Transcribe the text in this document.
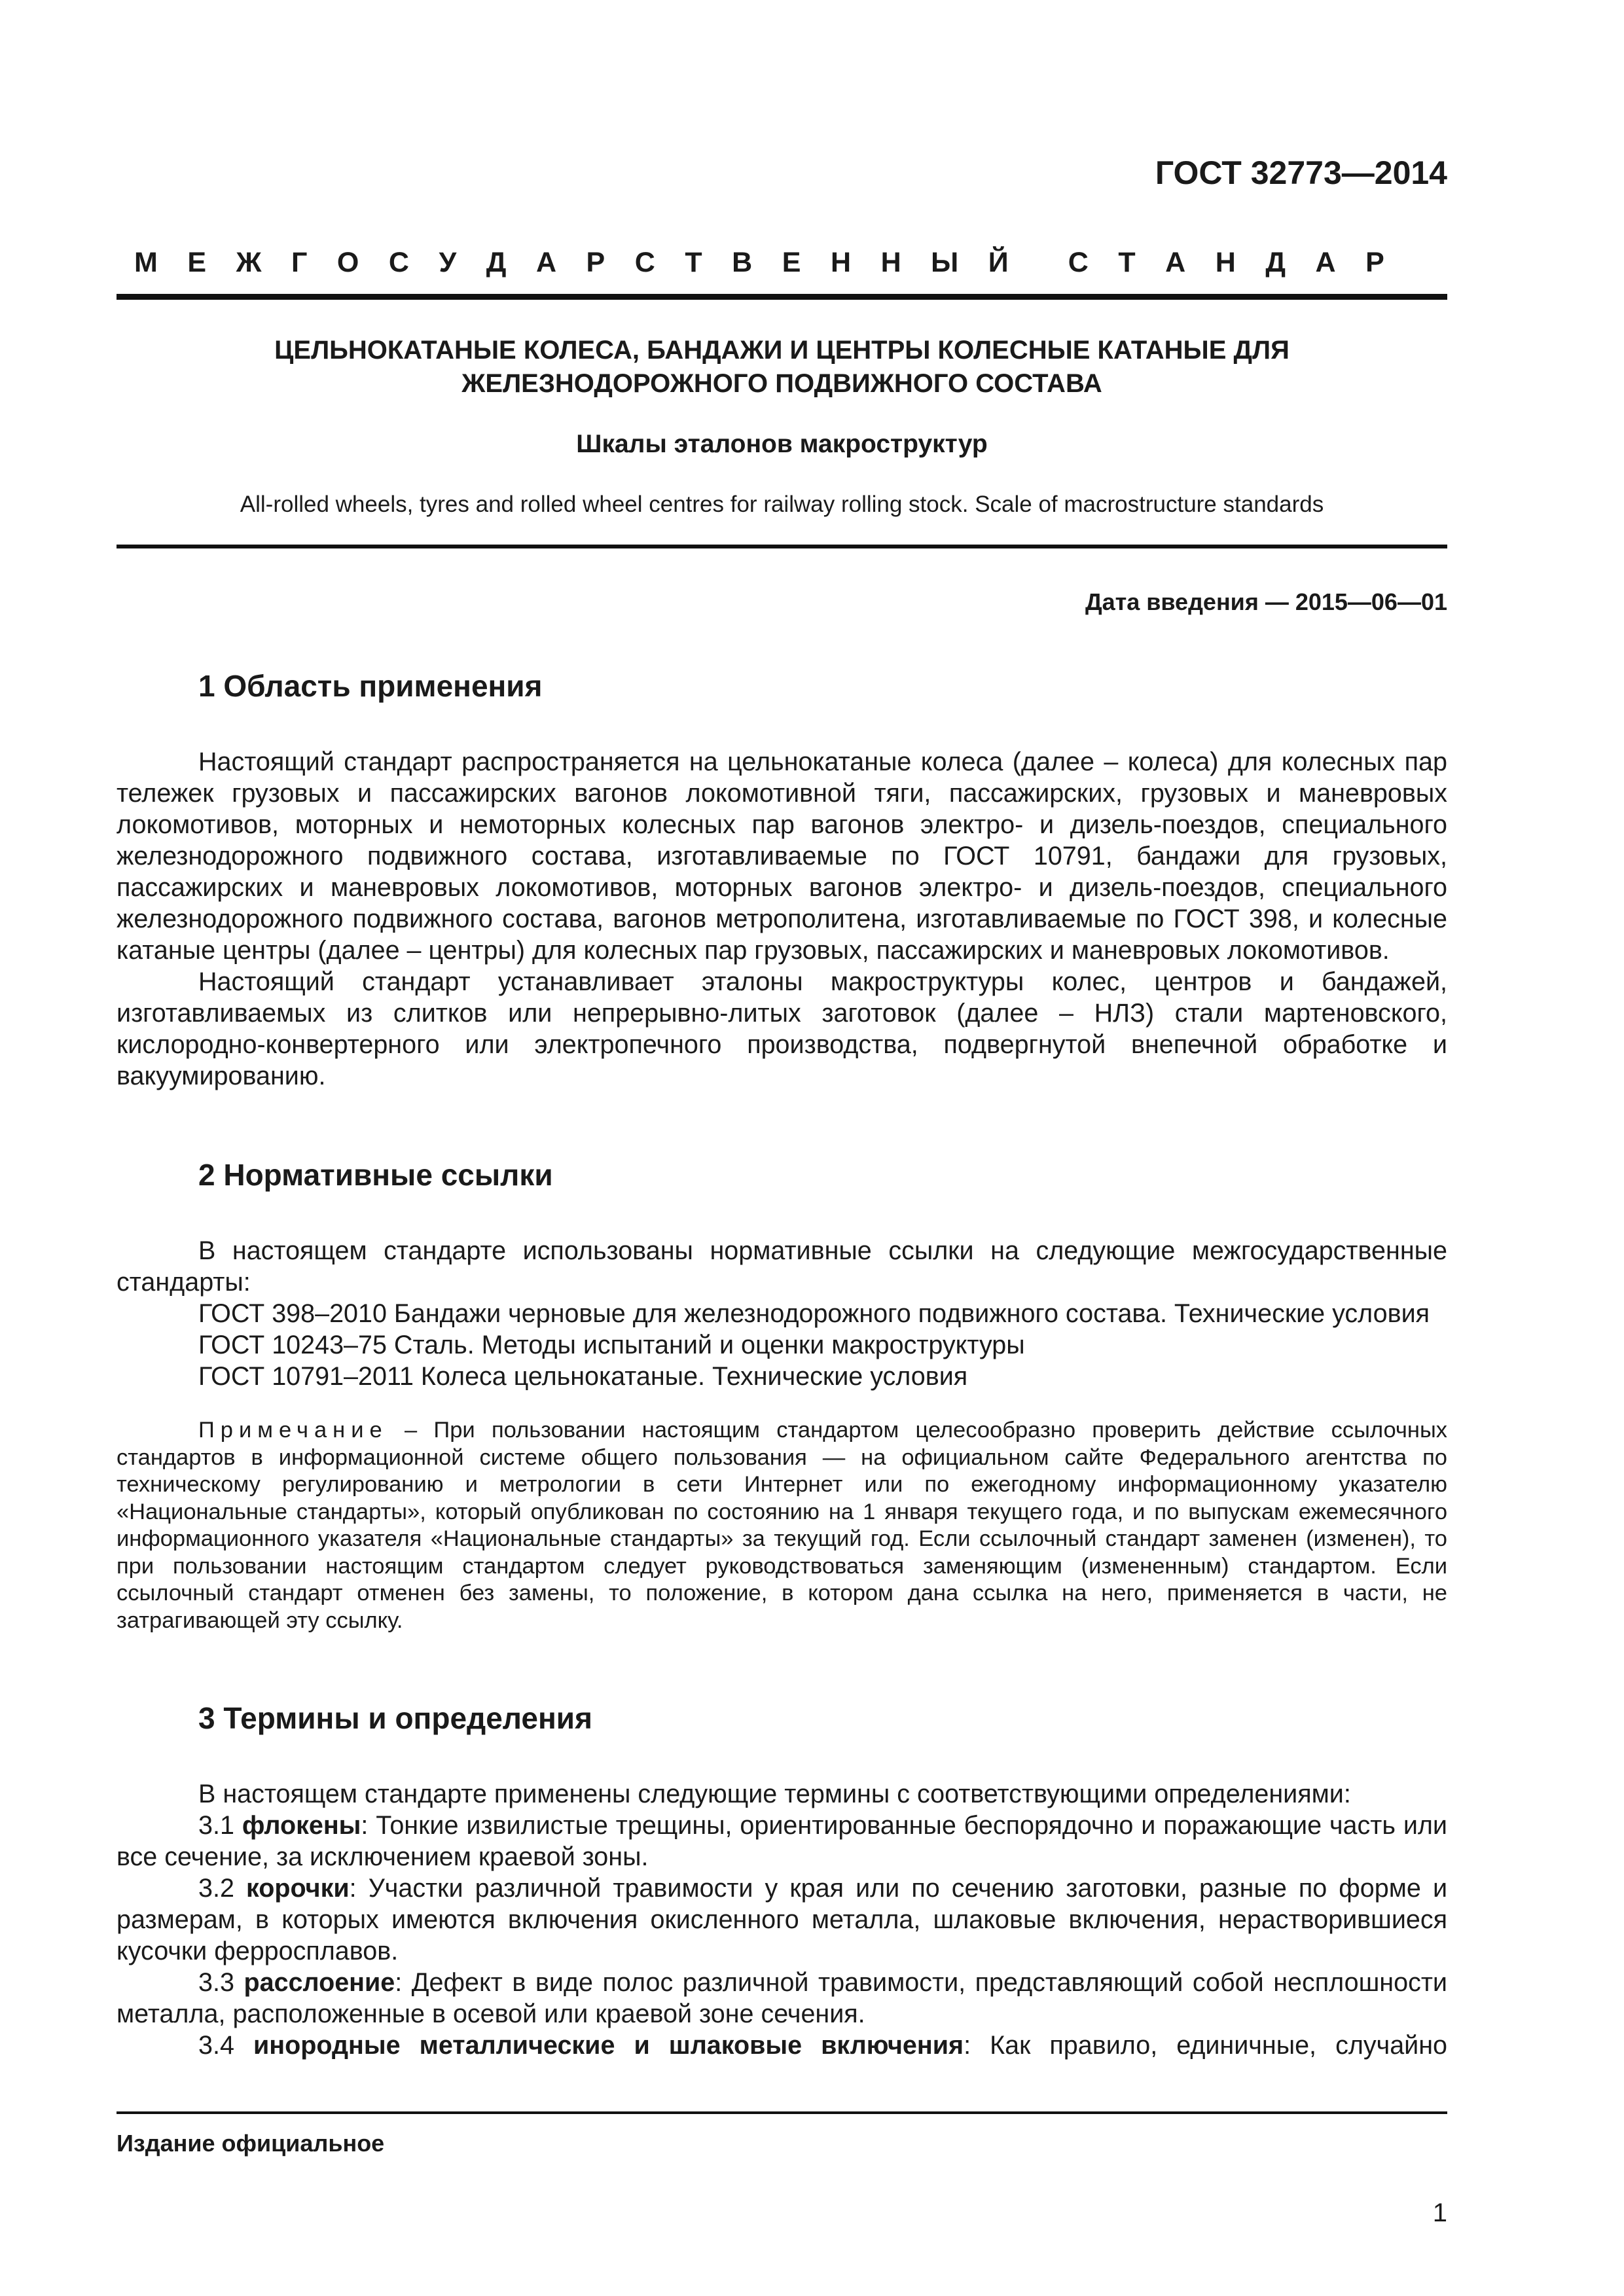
ГОСТ 32773—2014
М Е Ж Г О С У Д А Р С Т В Е Н Н Ы Й С Т А Н Д А Р
ЦЕЛЬНОКАТАНЫЕ КОЛЕСА, БАНДАЖИ И ЦЕНТРЫ КОЛЕСНЫЕ КАТАНЫЕ ДЛЯ
ЖЕЛЕЗНОДОРОЖНОГО ПОДВИЖНОГО СОСТАВА
Шкалы эталонов макроструктур
All-rolled wheels, tyres and rolled wheel centres for railway rolling stock. Scale of macrostructure standards
Дата введения — 2015—06—01
1 Область применения

Настоящий стандарт распространяется на цельнокатаные колеса (далее – колеса) для колесных пар тележек грузовых и пассажирских вагонов локомотивной тяги, пассажирских, грузовых и маневровых локомотивов, моторных и немоторных колесных пар вагонов электро- и дизель-поездов, специального железнодорожного подвижного состава, изготавливаемые по ГОСТ 10791, бандажи для грузовых, пассажирских и маневровых локомотивов, моторных вагонов электро- и дизель-поездов, специального железнодорожного подвижного состава, вагонов метрополитена, изготавливаемые по ГОСТ 398, и колесные катаные центры (далее – центры) для колесных пар грузовых, пассажирских и маневровых локомотивов.

Настоящий стандарт устанавливает эталоны макроструктуры колес, центров и бандажей, изготавливаемых из слитков или непрерывно-литых заготовок (далее – НЛЗ) стали мартеновского, кислородно-конвертерного или электропечного производства, подвергнутой внепечной обработке и вакуумированию.

2 Нормативные ссылки

В настоящем стандарте использованы нормативные ссылки на следующие межгосударственные стандарты:

ГОСТ 398–2010 Бандажи черновые для железнодорожного подвижного состава. Технические условия

ГОСТ 10243–75 Сталь. Методы испытаний и оценки макроструктуры

ГОСТ 10791–2011 Колеса цельнокатаные. Технические условия

Примечание – При пользовании настоящим стандартом целесообразно проверить действие ссылочных стандартов в информационной системе общего пользования — на официальном сайте Федерального агентства по техническому регулированию и метрологии в сети Интернет или по ежегодному информационному указателю «Национальные стандарты», который опубликован по состоянию на 1 января текущего года, и по выпускам ежемесячного информационного указателя «Национальные стандарты» за текущий год. Если ссылочный стандарт заменен (изменен), то при пользовании настоящим стандартом следует руководствоваться заменяющим (измененным) стандартом. Если ссылочный стандарт отменен без замены, то положение, в котором дана ссылка на него, применяется в части, не затрагивающей эту ссылку.

3 Термины и определения

В настоящем стандарте применены следующие термины с соответствующими определениями:

3.1 флокены: Тонкие извилистые трещины, ориентированные беспорядочно и поражающие часть или все сечение, за исключением краевой зоны.

3.2 корочки: Участки различной травимости у края или по сечению заготовки, разные по форме и размерам, в которых имеются включения окисленного металла, шлаковые включения, нерастворившиеся кусочки ферросплавов.

3.3 расслоение: Дефект в виде полос различной травимости, представляющий собой несплошности металла, расположенные в осевой или краевой зоне сечения.

3.4 инородные металлические и шлаковые включения: Как правило, единичные, случайно

Издание официальное
1
